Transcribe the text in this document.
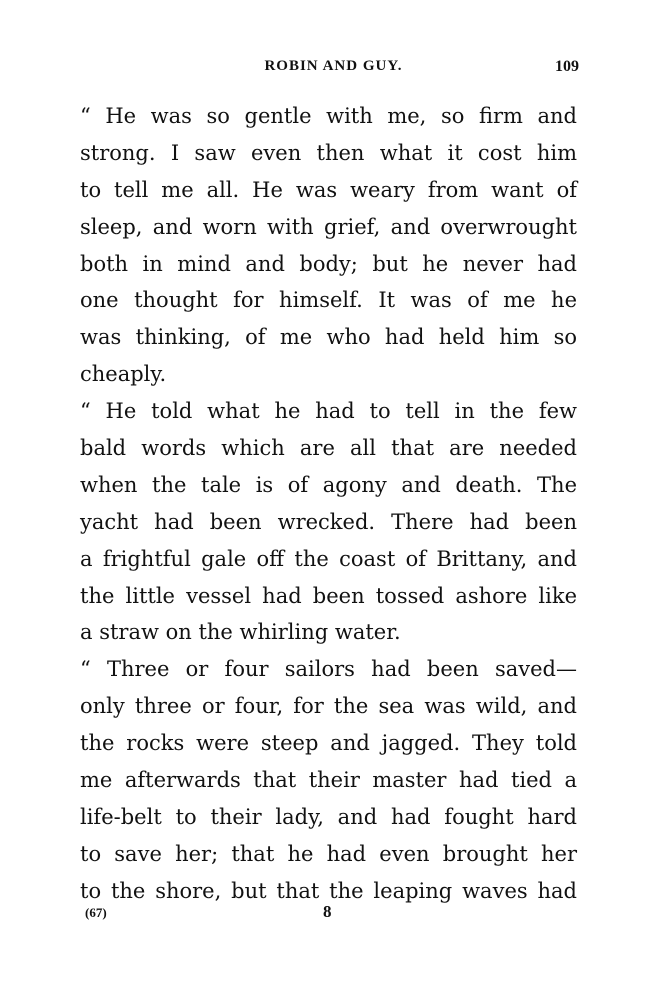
ROBIN AND GUY.	109
“ He was so gentle with me, so firm and
strong. I saw even then what it cost him
to tell me all. He was weary from want of
sleep, and worn with grief, and overwrought
both in mind and body; but he never had
one thought for himself. It was of me he
was thinking, of me who had held him so
cheaply.
“ He told what he had to tell in the few
bald words which are all that are needed
when the tale is of agony and death. The
yacht had been wrecked. There had been
a frightful gale off the coast of Brittany, and
the little vessel had been tossed ashore like
a straw on the whirling water.
“ Three or four sailors had been saved—
only three or four, for the sea was wild, and
the rocks were steep and jagged. They told
me afterwards that their master had tied a
life-belt to their lady, and had fought hard
to save her; that he had even brought her
to the shore, but that the leaping waves had
(67)	8
